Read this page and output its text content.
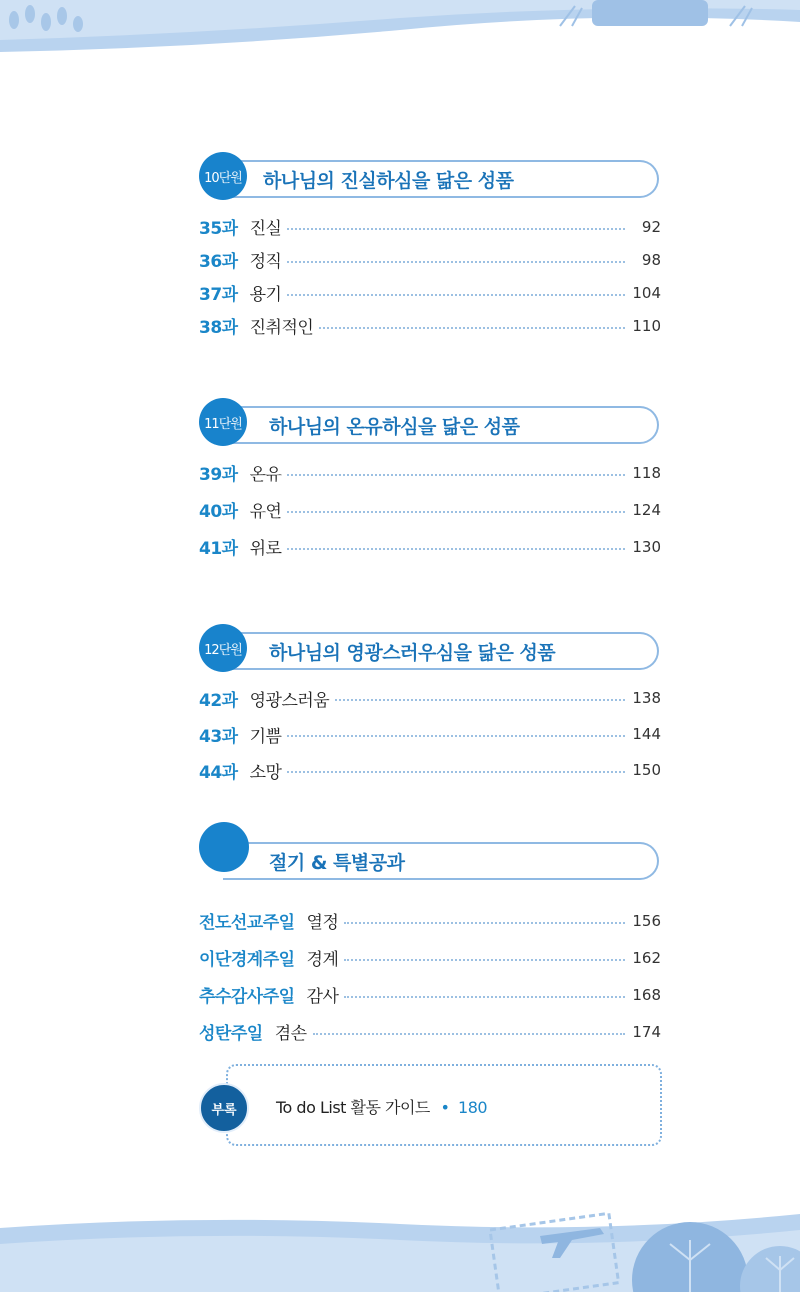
10단원 하나님의 진실하심을 닮은 성품
35과 진실	92
36과 정직	98
37과 용기	104
38과 진취적인	110
11단원 하나님의 온유하심을 닮은 성품
39과 온유	118
40과 유연	124
41과 위로	130
12단원 하나님의 영광스러우심을 닮은 성품
42과 영광스러움	138
43과 기쁨	144
44과 소망	150
절기 & 특별공과
전도선교주일 열정	156
이단경계주일 경계	162
추수감사주일 감사	168
성탄주일 겸손	174
부록	To do List 활동 가이드 • 180
